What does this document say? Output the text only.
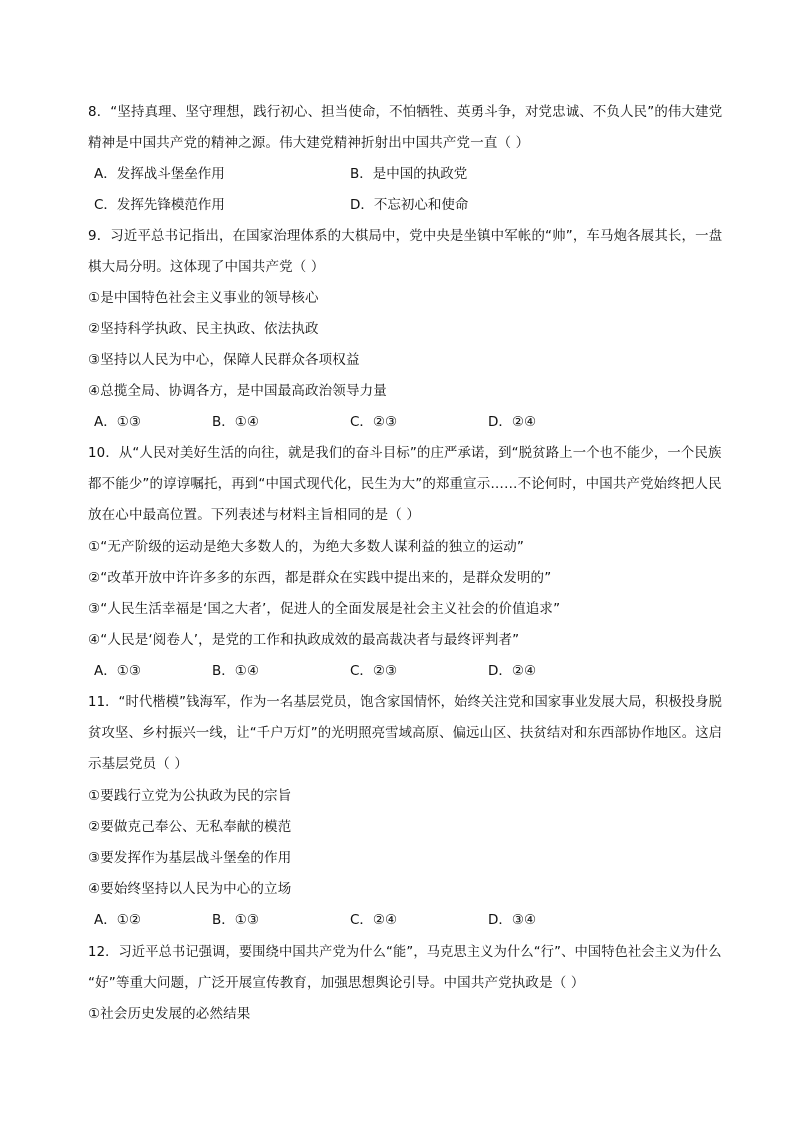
8．“坚持真理、坚守理想，践行初心、担当使命，不怕牺牲、英勇斗争，对党忠诚、不负人民”的伟大建党
精神是中国共产党的精神之源。伟大建党精神折射出中国共产党一直（ ）
A．发挥战斗堡垒作用	B．是中国的执政党
C．发挥先锋模范作用	D．不忘初心和使命
9．习近平总书记指出，在国家治理体系的大棋局中，党中央是坐镇中军帐的“帅”，车马炮各展其长，一盘
棋大局分明。这体现了中国共产党（ ）
①是中国特色社会主义事业的领导核心
②坚持科学执政、民主执政、依法执政
③坚持以人民为中心，保障人民群众各项权益
④总揽全局、协调各方，是中国最高政治领导力量
A．①③	B．①④	C．②③	D．②④
10．从“人民对美好生活的向往，就是我们的奋斗目标”的庄严承诺，到“脱贫路上一个也不能少，一个民族
都不能少”的谆谆嘱托，再到“中国式现代化，民生为大”的郑重宣示……不论何时，中国共产党始终把人民
放在心中最高位置。下列表述与材料主旨相同的是（ ）
①“无产阶级的运动是绝大多数人的，为绝大多数人谋利益的独立的运动”
②“改革开放中许许多多的东西，都是群众在实践中提出来的，是群众发明的”
③“人民生活幸福是‘国之大者’，促进人的全面发展是社会主义社会的价值追求”
④“人民是‘阅卷人’，是党的工作和执政成效的最高裁决者与最终评判者”
A．①③	B．①④	C．②③	D．②④
11．“时代楷模”钱海军，作为一名基层党员，饱含家国情怀，始终关注党和国家事业发展大局，积极投身脱
贫攻坚、乡村振兴一线，让“千户万灯”的光明照亮雪域高原、偏远山区、扶贫结对和东西部协作地区。这启
示基层党员（ ）
①要践行立党为公执政为民的宗旨
②要做克己奉公、无私奉献的模范
③要发挥作为基层战斗堡垒的作用
④要始终坚持以人民为中心的立场
A．①②	B．①③	C．②④	D．③④
12．习近平总书记强调，要围绕中国共产党为什么“能”，马克思主义为什么“行”、中国特色社会主义为什么
“好”等重大问题，广泛开展宣传教育，加强思想舆论引导。中国共产党执政是（ ）
①社会历史发展的必然结果
